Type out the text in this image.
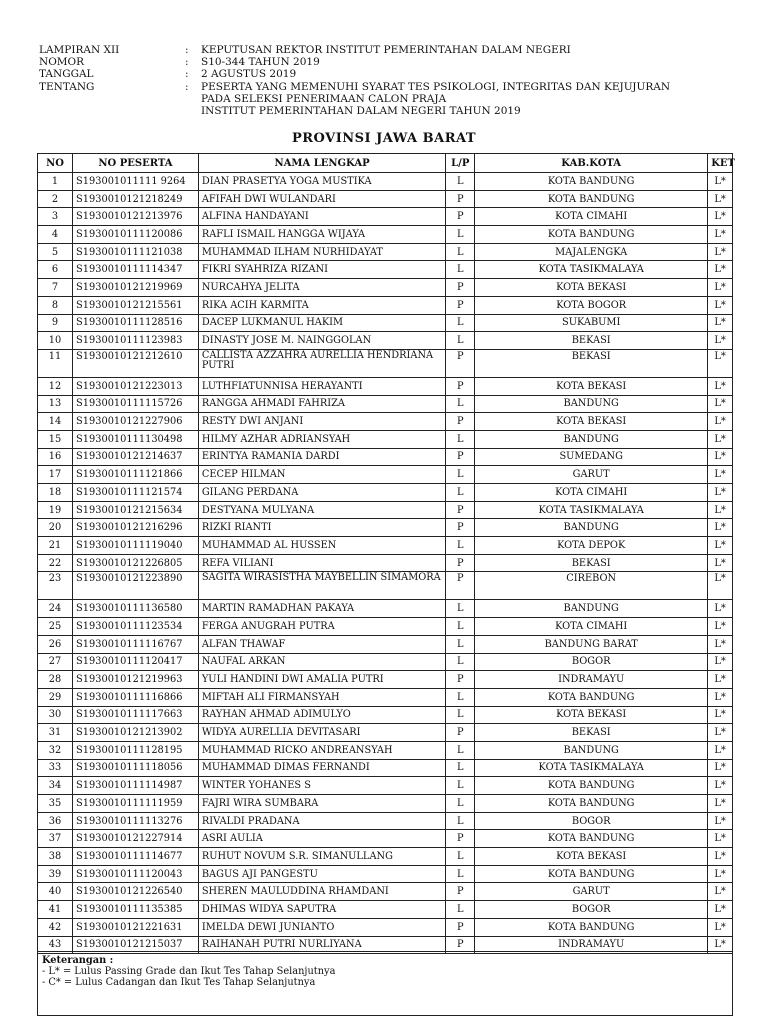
LAMPIRAN XII	:	KEPUTUSAN REKTOR INSTITUT PEMERINTAHAN DALAM NEGERI
NOMOR	:	S10-344 TAHUN 2019
TANGGAL	:	2 AGUSTUS 2019
TENTANG	:	PESERTA YANG MEMENUHI SYARAT TES PSIKOLOGI, INTEGRITAS DAN KEJUJURAN
PADA SELEKSI PENERIMAAN CALON PRAJA
INSTITUT PEMERINTAHAN DALAM NEGERI TAHUN 2019
PROVINSI JAWA BARAT
NO	NO PESERTA	NAMA LENGKAP	L/P	KAB.KOTA	KET
1	S193001011111 9264	DIAN PRASETYA YOGA MUSTIKA	L	KOTA BANDUNG	L*
2	S1930010121218249	AFIFAH DWI WULANDARI	P	KOTA BANDUNG	L*
3	S1930010121213976	ALFINA HANDAYANI	P	KOTA CIMAHI	L*
4	S1930010111120086	RAFLI ISMAIL HANGGA WIJAYA	L	KOTA BANDUNG	L*
5	S1930010111121038	MUHAMMAD ILHAM NURHIDAYAT	L	MAJALENGKA	L*
6	S1930010111114347	FIKRI SYAHRIZA RIZANI	L	KOTA TASIKMALAYA	L*
7	S1930010121219969	NURCAHYA JELITA	P	KOTA BEKASI	L*
8	S1930010121215561	RIKA ACIH KARMITA	P	KOTA BOGOR	L*
9	S1930010111128516	DACEP LUKMANUL HAKIM	L	SUKABUMI	L*
10	S1930010111123983	DINASTY JOSE M. NAINGGOLAN	L	BEKASI	L*
11	S1930010121212610	CALLISTA AZZAHRA AURELLIA HENDRIANA PUTRI	P	BEKASI	L*
12	S1930010121223013	LUTHFIATUNNISA HERAYANTI	P	KOTA BEKASI	L*
13	S1930010111115726	RANGGA AHMADI FAHRIZA	L	BANDUNG	L*
14	S1930010121227906	RESTY DWI ANJANI	P	KOTA BEKASI	L*
15	S1930010111130498	HILMY AZHAR ADRIANSYAH	L	BANDUNG	L*
16	S1930010121214637	ERINTYA RAMANIA DARDI	P	SUMEDANG	L*
17	S1930010111121866	CECEP HILMAN	L	GARUT	L*
18	S1930010111121574	GILANG PERDANA	L	KOTA CIMAHI	L*
19	S1930010121215634	DESTYANA MULYANA	P	KOTA TASIKMALAYA	L*
20	S1930010121216296	RIZKI RIANTI	P	BANDUNG	L*
21	S1930010111119040	MUHAMMAD AL HUSSEN	L	KOTA DEPOK	L*
22	S1930010121226805	REFA VILIANI	P	BEKASI	L*
23	S1930010121223890	SAGITA WIRASISTHA MAYBELLIN SIMAMORA	P	CIREBON	L*
24	S1930010111136580	MARTIN RAMADHAN PAKAYA	L	BANDUNG	L*
25	S1930010111123534	FERGA ANUGRAH PUTRA	L	KOTA CIMAHI	L*
26	S1930010111116767	ALFAN THAWAF	L	BANDUNG BARAT	L*
27	S1930010111120417	NAUFAL ARKAN	L	BOGOR	L*
28	S1930010121219963	YULI HANDINI DWI AMALIA PUTRI	P	INDRAMAYU	L*
29	S1930010111116866	MIFTAH ALI FIRMANSYAH	L	KOTA BANDUNG	L*
30	S1930010111117663	RAYHAN AHMAD ADIMULYO	L	KOTA BEKASI	L*
31	S1930010121213902	WIDYA AURELLIA DEVITASARI	P	BEKASI	L*
32	S1930010111128195	MUHAMMAD RICKO ANDREANSYAH	L	BANDUNG	L*
33	S1930010111118056	MUHAMMAD DIMAS FERNANDI	L	KOTA TASIKMALAYA	L*
34	S1930010111114987	WINTER YOHANES S	L	KOTA BANDUNG	L*
35	S1930010111111959	FAJRI WIRA SUMBARA	L	KOTA BANDUNG	L*
36	S1930010111113276	RIVALDI PRADANA	L	BOGOR	L*
37	S1930010121227914	ASRI AULIA	P	KOTA BANDUNG	L*
38	S1930010111114677	RUHUT NOVUM S.R. SIMANULLANG	L	KOTA BEKASI	L*
39	S1930010111120043	BAGUS AJI PANGESTU	L	KOTA BANDUNG	L*
40	S1930010121226540	SHEREN MAULUDDINA RHAMDANI	P	GARUT	L*
41	S1930010111135385	DHIMAS WIDYA SAPUTRA	L	BOGOR	L*
42	S1930010121221631	IMELDA DEWI JUNIANTO	P	KOTA BANDUNG	L*
43	S1930010121215037	RAIHANAH PUTRI NURLIYANA	P	INDRAMAYU	L*
Keterangan :
- L* = Lulus Passing Grade dan Ikut Tes Tahap Selanjutnya
- C* = Lulus Cadangan dan Ikut Tes Tahap Selanjutnya
